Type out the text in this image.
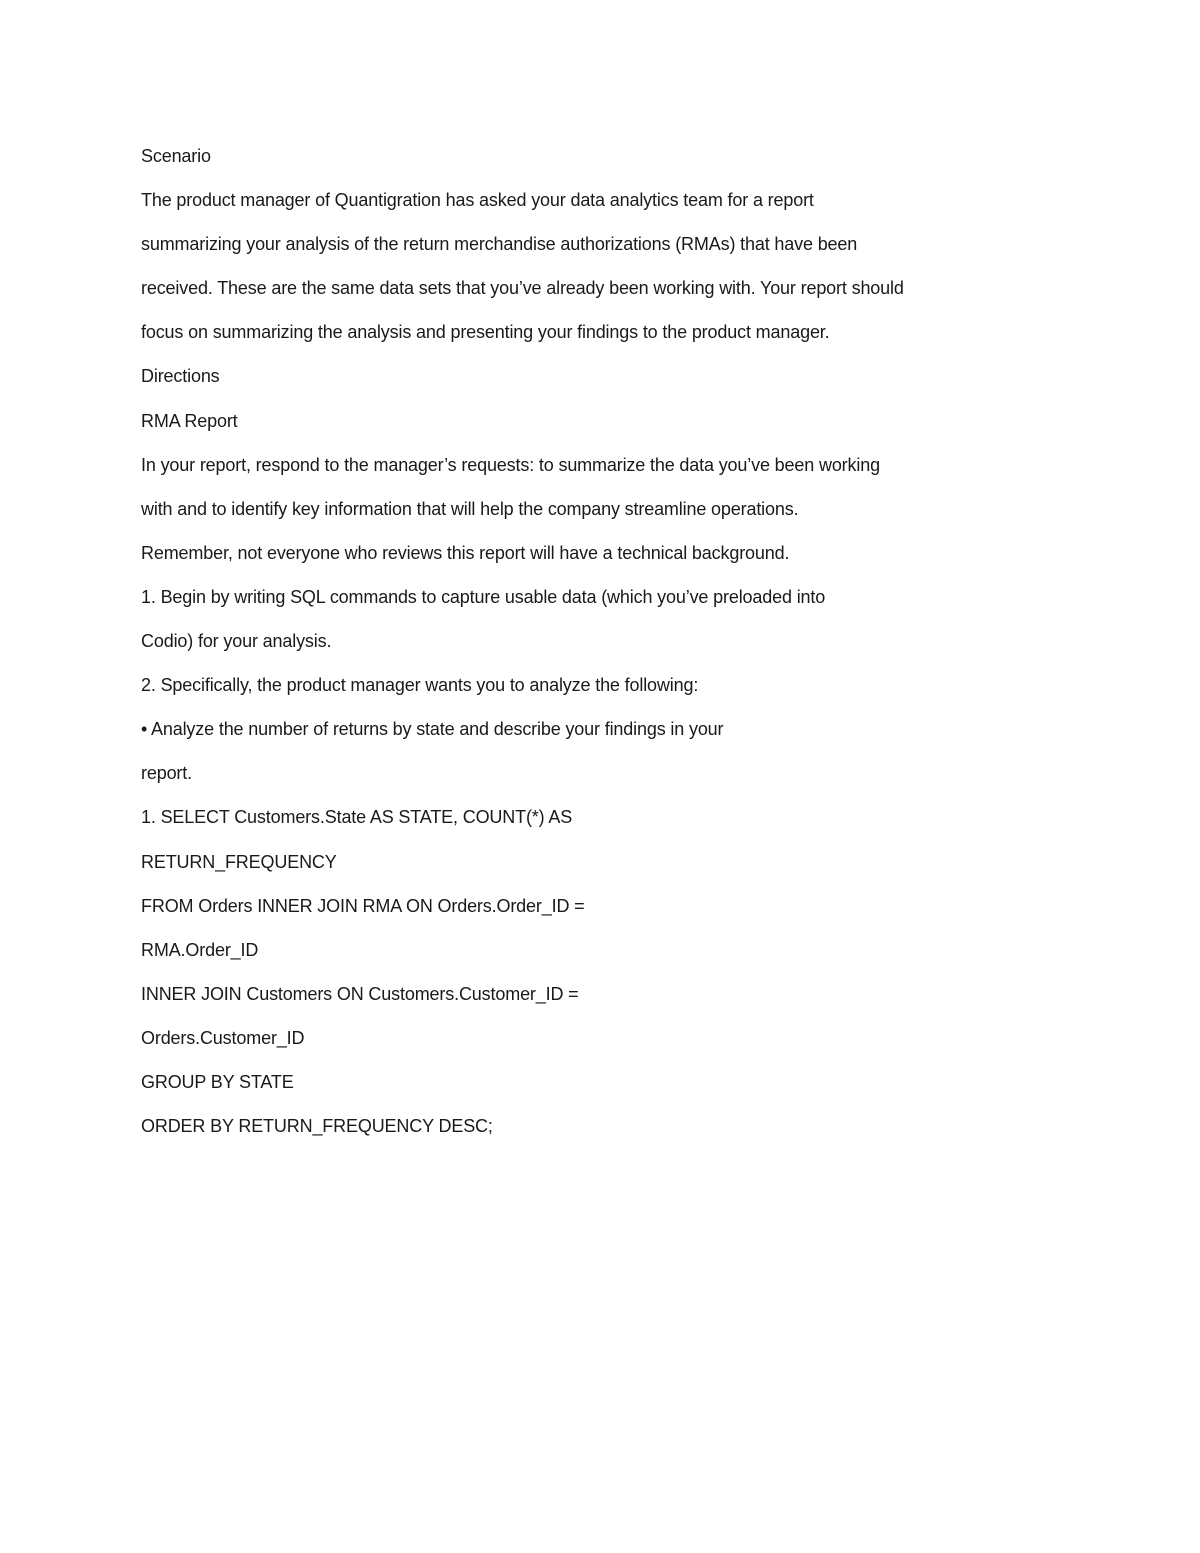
Scenario
The product manager of Quantigration has asked your data analytics team for a report
summarizing your analysis of the return merchandise authorizations (RMAs) that have been
received. These are the same data sets that you’ve already been working with. Your report should
focus on summarizing the analysis and presenting your findings to the product manager.
Directions
RMA Report
In your report, respond to the manager’s requests: to summarize the data you’ve been working
with and to identify key information that will help the company streamline operations.
Remember, not everyone who reviews this report will have a technical background.
1. Begin by writing SQL commands to capture usable data (which you’ve preloaded into
Codio) for your analysis.
2. Specifically, the product manager wants you to analyze the following:
• Analyze the number of returns by state and describe your findings in your
report.
1. SELECT Customers.State AS STATE, COUNT(*) AS
RETURN_FREQUENCY
FROM Orders INNER JOIN RMA ON Orders.Order_ID =
RMA.Order_ID
INNER JOIN Customers ON Customers.Customer_ID =
Orders.Customer_ID
GROUP BY STATE
ORDER BY RETURN_FREQUENCY DESC;
